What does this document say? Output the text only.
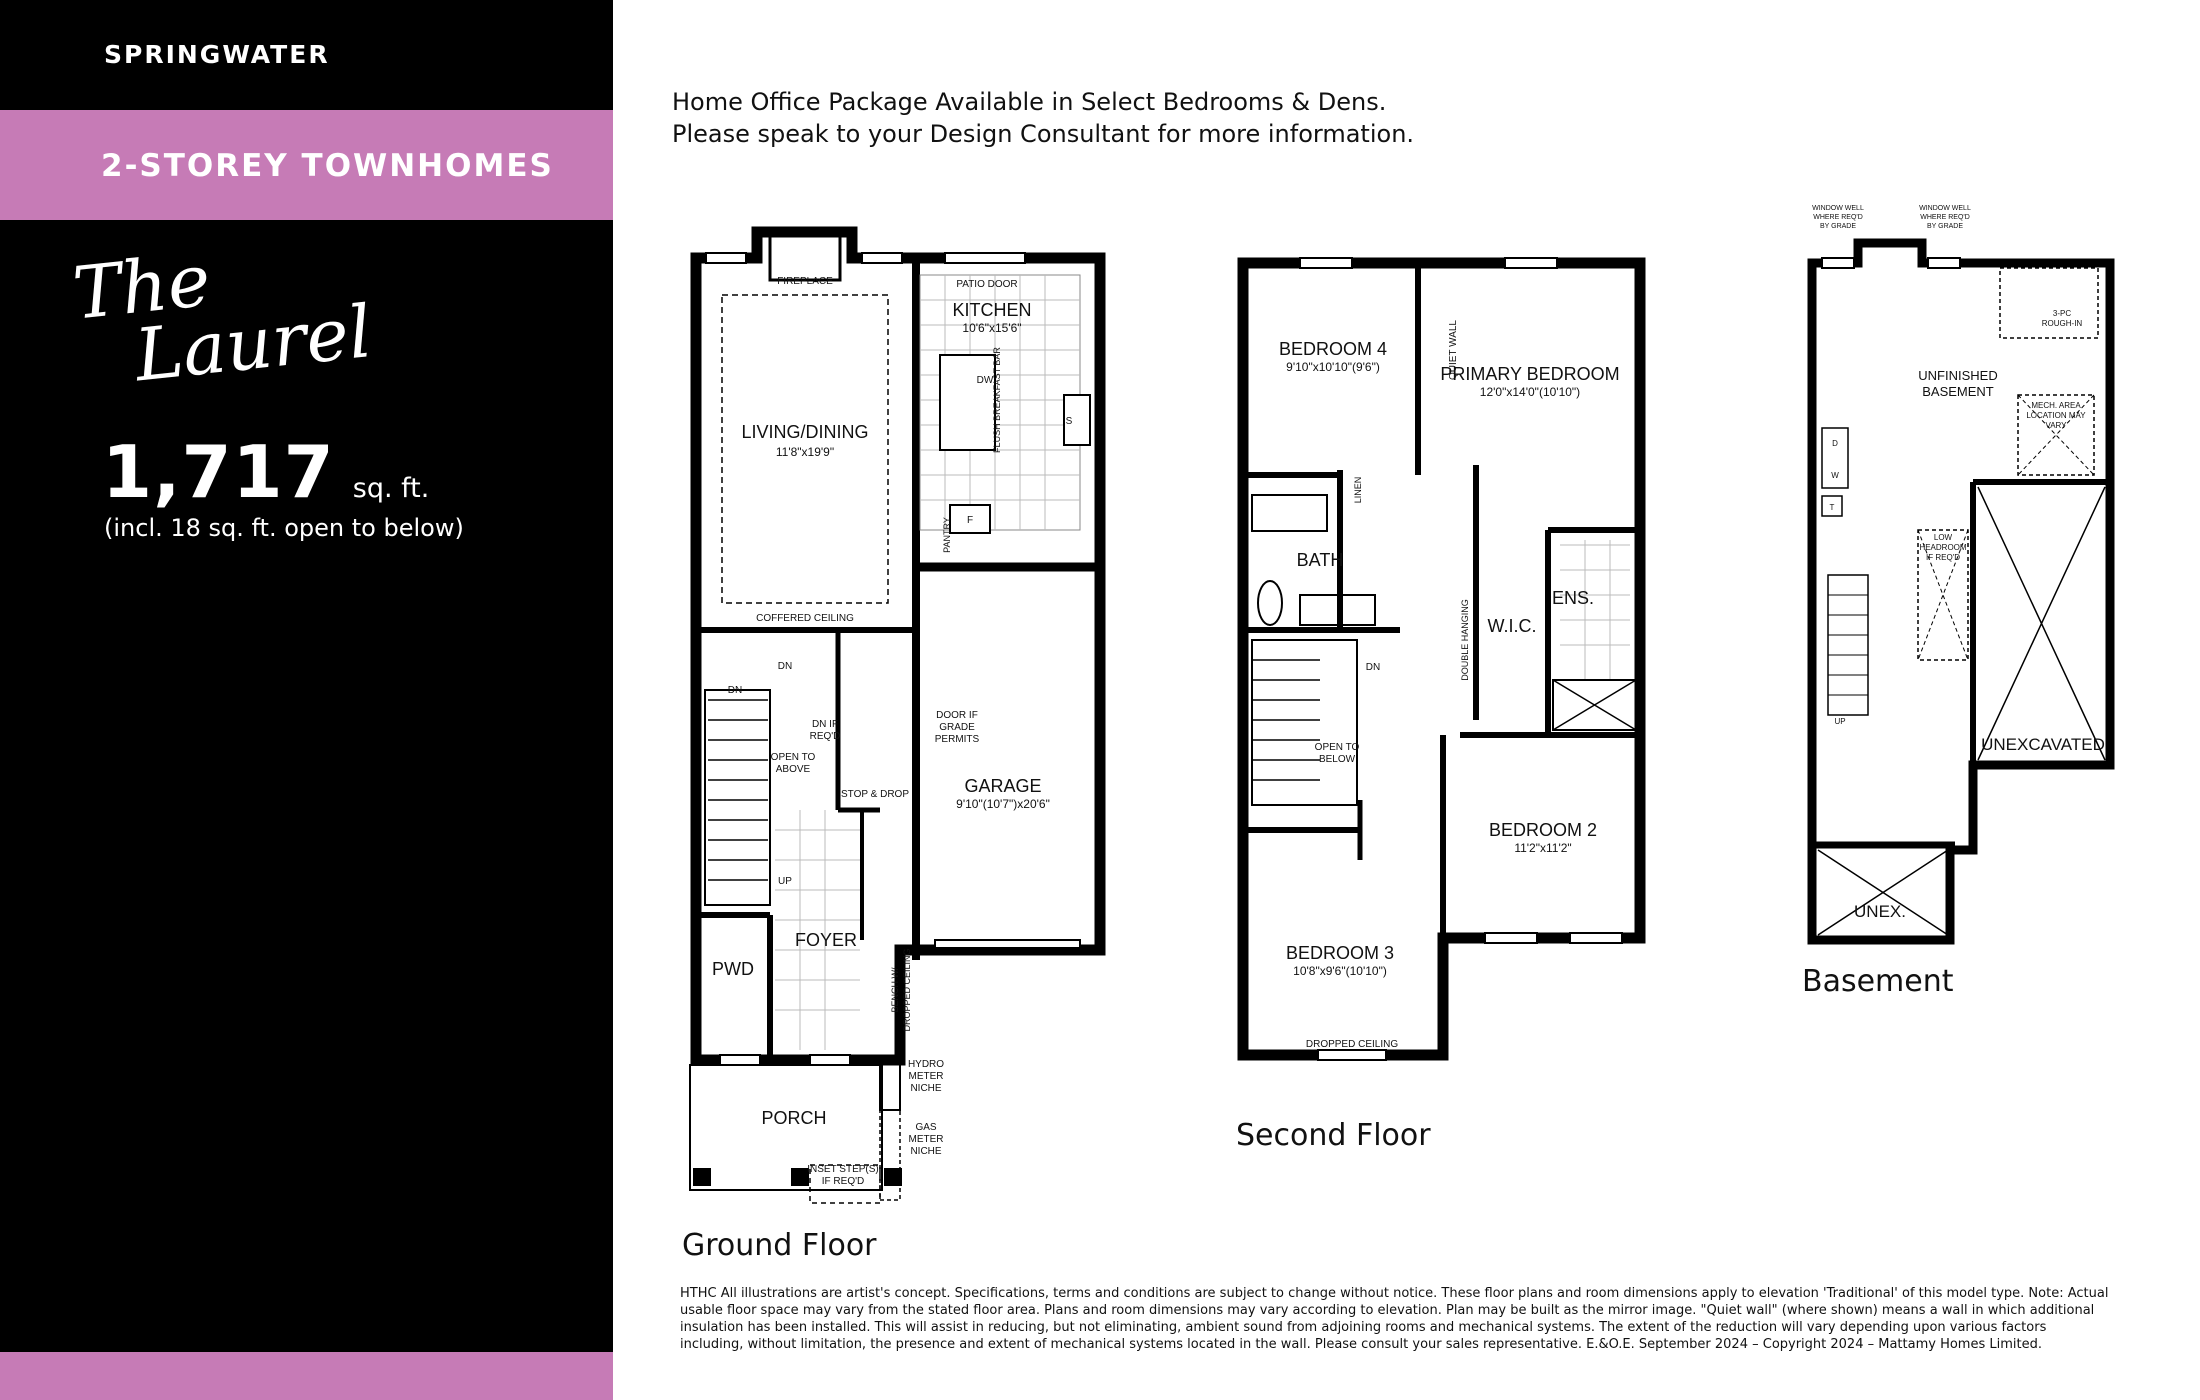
SPRINGWATER
2-STOREY TOWNHOMES
The
Laurel
1,717 sq. ft.
(incl. 18 sq. ft. open to below)
Home Office Package Available in Select Bedrooms & Dens.
Please speak to your Design Consultant for more information.
LIVING/DINING
11'8"x19'9"
KITCHEN
10'6"x15'6"
GARAGE
9'10"(10'7")x20'6"
FOYER
PWD
PORCH
FIREPLACE	PATIO DOOR
FLUSH BREAKFAST BAR
DW
S
F
PANTRY
COFFERED CEILING
DN
DN
UP
OPEN TO
ABOVE
DN IF
REQ'D
DOOR IF
GRADE
PERMITS
STOP & DROP
BENCH W/ DROPPED CEILING
HYDRO
METER
NICHE
GAS
METER
NICHE
INSET STEP(S)
IF REQ'D
BEDROOM 4
9'10"x10'10"(9'6")	PRIMARY BEDROOM
12'0"x14'0"(10'10")
BATH
W.I.C.
ENS.
BEDROOM 2
11'2"x11'2"
BEDROOM 3
10'8"x9'6"(10'10")
QUIET WALL
LINEN
DOUBLE HANGING
OPEN TO
BELOW
DN
DROPPED CEILING
UNFINISHED
BASEMENT
UNEXCAVATED
UNEX.
WINDOW WELL
WHERE REQ'D
BY GRADE
WINDOW WELL
WHERE REQ'D
BY GRADE
3-PC
ROUGH-IN
MECH. AREA
LOCATION MAY
VARY
D
W
T
LOW
HEADROOM
IF REQ'D
UP
Ground Floor
Second Floor
Basement
HTHC All illustrations are artist's concept. Specifications, terms and conditions are subject to change without notice. These floor plans and room dimensions apply to elevation 'Traditional' of this model type. Note: Actual usable floor space may vary from the stated floor area. Plans and room dimensions may vary according to elevation. Plan may be built as the mirror image. "Quiet wall" (where shown) means a wall in which additional insulation has been installed. This will assist in reducing, but not eliminating, ambient sound from adjoining rooms and mechanical systems. The extent of the reduction will vary depending upon various factors including, without limitation, the presence and extent of mechanical systems located in the wall. Please consult your sales representative. E.&O.E. September 2024 – Copyright 2024 – Mattamy Homes Limited.
